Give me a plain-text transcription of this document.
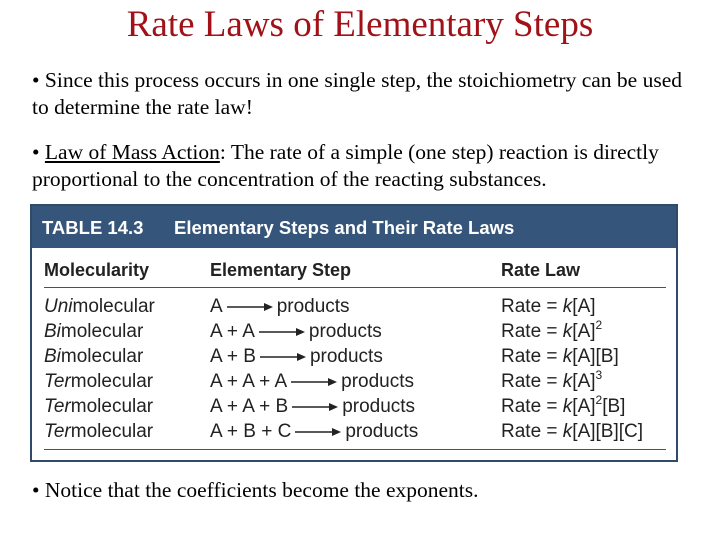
Rate Laws of Elementary Steps
• Since this process occurs in one single step, the stoichiometry can be used to determine the rate law!
• Law of Mass Action: The rate of a simple (one step) reaction is directly proportional to the concentration of the reacting substances.
TABLE 14.3 Elementary Steps and Their Rate Laws
Molecularity	Elementary Step	Rate Law
Unimolecular	A → products	Rate = k[A]
Bimolecular	A + A → products	Rate = $k[A]^2$
Bimolecular	A + B → products	Rate = k[A][B]
Termolecular	A + A + A → products	Rate = $k[A]^3$
Termolecular	A + A + B → products	Rate = $k[A]^2[B]$
Termolecular	A + B + C → products	Rate = k[A][B][C]
• Notice that the coefficients become the exponents.
